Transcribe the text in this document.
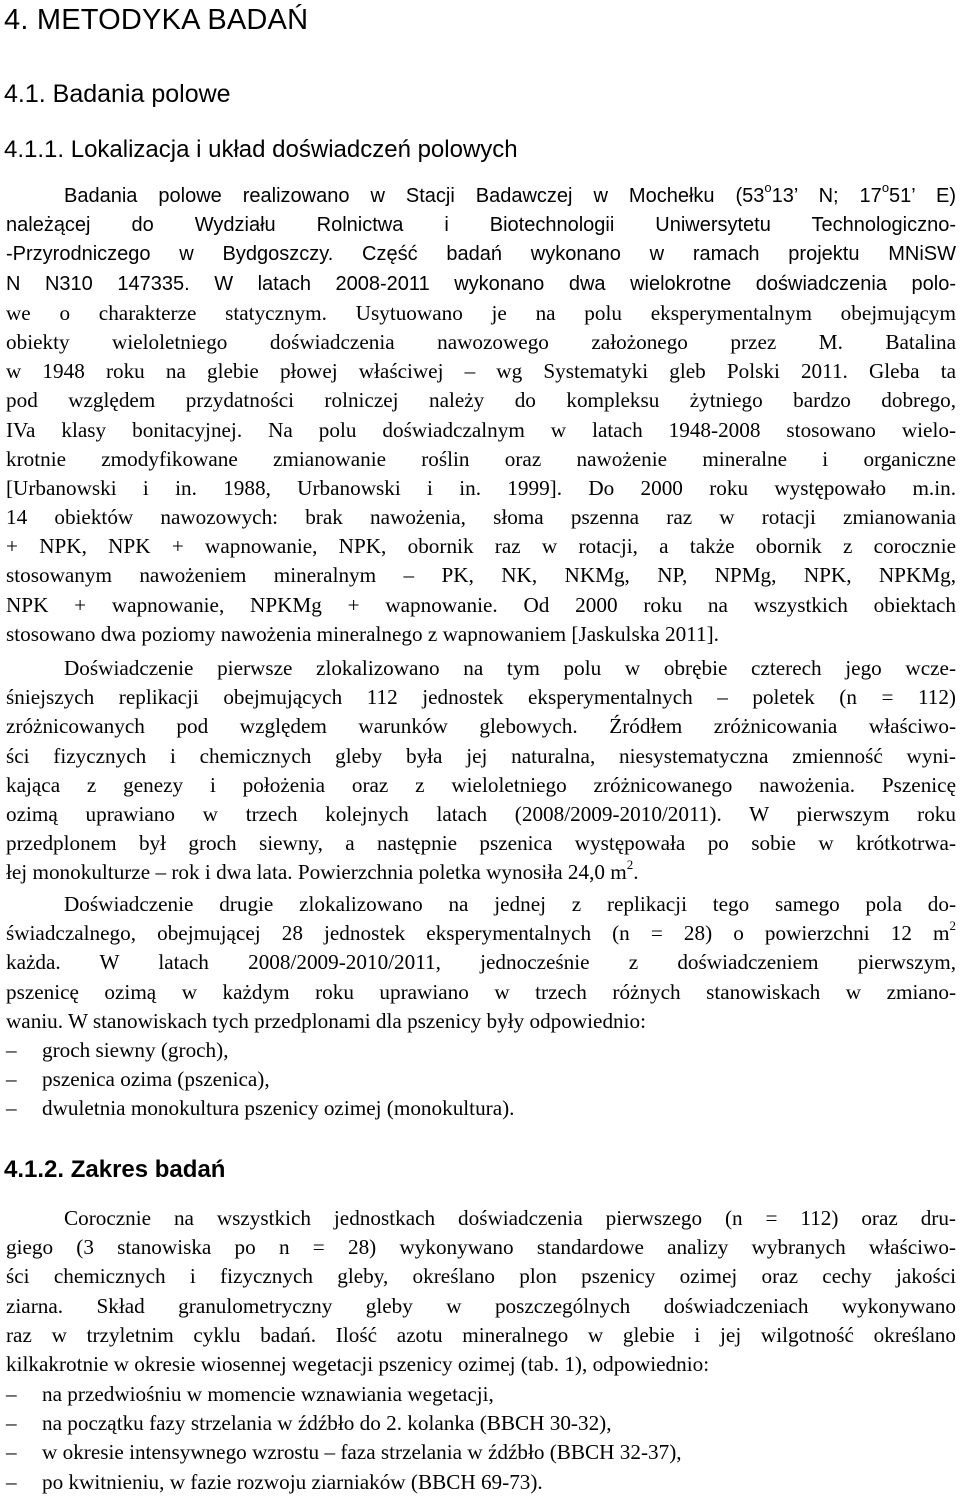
4. METODYKA BADAŃ
4.1. Badania polowe
4.1.1. Lokalizacja i układ doświadczeń polowych
Badania polowe realizowano w Stacji Badawczej w Mochełku (53$^o$13’ N; 17$^o$51’ E)
należącej do Wydziału Rolnictwa i Biotechnologii Uniwersytetu Technologiczno-
-Przyrodniczego w Bydgoszczy. Część badań wykonano w ramach projektu MNiSW
N N310 147335. W latach 2008-2011 wykonano dwa wielokrotne doświadczenia polo-
we o charakterze statycznym. Usytuowano je na polu eksperymentalnym obejmującym
obiekty wieloletniego doświadczenia nawozowego założonego przez M. Batalina
w 1948 roku na glebie płowej właściwej – wg Systematyki gleb Polski 2011. Gleba ta
pod względem przydatności rolniczej należy do kompleksu żytniego bardzo dobrego,
IVa klasy bonitacyjnej. Na polu doświadczalnym w latach 1948-2008 stosowano wielo-
krotnie zmodyfikowane zmianowanie roślin oraz nawożenie mineralne i organiczne
[Urbanowski i in. 1988, Urbanowski i in. 1999]. Do 2000 roku występowało m.in.
14 obiektów nawozowych: brak nawożenia, słoma pszenna raz w rotacji zmianowania
+ NPK, NPK + wapnowanie, NPK, obornik raz w rotacji, a także obornik z corocznie
stosowanym nawożeniem mineralnym – PK, NK, NKMg, NP, NPMg, NPK, NPKMg,
NPK + wapnowanie, NPKMg + wapnowanie. Od 2000 roku na wszystkich obiektach
stosowano dwa poziomy nawożenia mineralnego z wapnowaniem [Jaskulska 2011].
Doświadczenie pierwsze zlokalizowano na tym polu w obrębie czterech jego wcze-
śniejszych replikacji obejmujących 112 jednostek eksperymentalnych – poletek (n = 112)
zróżnicowanych pod względem warunków glebowych. Źródłem zróżnicowania właściwo-
ści fizycznych i chemicznych gleby była jej naturalna, niesystematyczna zmienność wyni-
kająca z genezy i położenia oraz z wieloletniego zróżnicowanego nawożenia. Pszenicę
ozimą uprawiano w trzech kolejnych latach (2008/2009-2010/2011). W pierwszym roku
przedplonem był groch siewny, a następnie pszenica występowała po sobie w krótkotrwa-
łej monokulturze – rok i dwa lata. Powierzchnia poletka wynosiła 24,0 $m^2$.
Doświadczenie drugie zlokalizowano na jednej z replikacji tego samego pola do-
świadczalnego, obejmującej 28 jednostek eksperymentalnych (n = 28) o powierzchni 12 $m^2$
każda. W latach 2008/2009-2010/2011, jednocześnie z doświadczeniem pierwszym,
pszenicę ozimą w każdym roku uprawiano w trzech różnych stanowiskach w zmiano-
waniu. W stanowiskach tych przedplonami dla pszenicy były odpowiednio:
– groch siewny (groch),
– pszenica ozima (pszenica),
– dwuletnia monokultura pszenicy ozimej (monokultura).
4.1.2. Zakres badań
Corocznie na wszystkich jednostkach doświadczenia pierwszego (n = 112) oraz dru-
giego (3 stanowiska po n = 28) wykonywano standardowe analizy wybranych właściwo-
ści chemicznych i fizycznych gleby, określano plon pszenicy ozimej oraz cechy jakości
ziarna. Skład granulometryczny gleby w poszczególnych doświadczeniach wykonywano
raz w trzyletnim cyklu badań. Ilość azotu mineralnego w glebie i jej wilgotność określano
kilkakrotnie w okresie wiosennej wegetacji pszenicy ozimej (tab. 1), odpowiednio:
– na przedwiośniu w momencie wznawiania wegetacji,
– na początku fazy strzelania w źdźbło do 2. kolanka (BBCH 30-32),
– w okresie intensywnego wzrostu – faza strzelania w źdźbło (BBCH 32-37),
– po kwitnieniu, w fazie rozwoju ziarniaków (BBCH 69-73).
